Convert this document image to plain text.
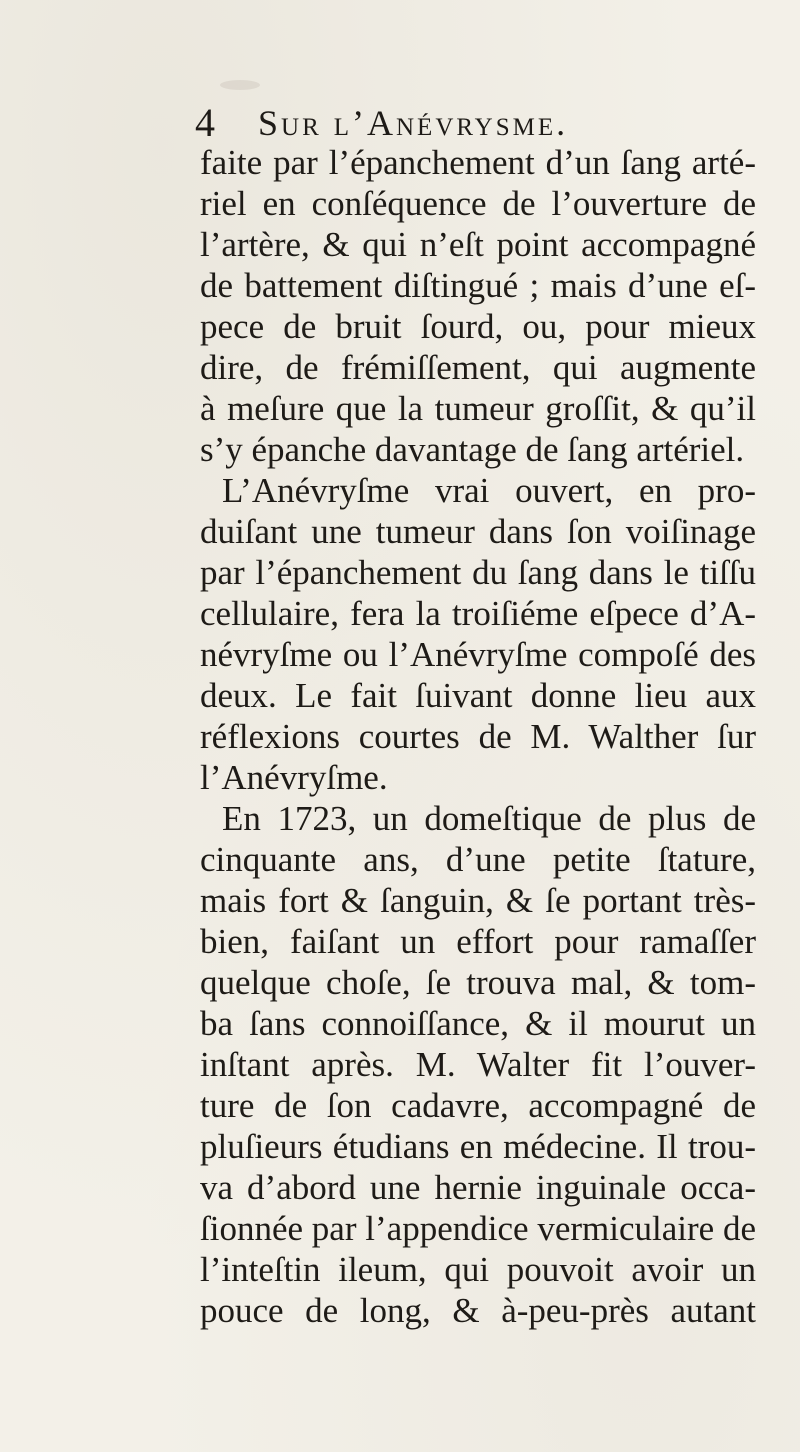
4 Sur l’Anévrysme.
faite par l’épanchement d’un ſang arté-
riel en conſéquence de l’ouverture de
l’artère, & qui n’eſt point accompagné
de battement diſtingué ; mais d’une eſ-
pece de bruit ſourd, ou, pour mieux
dire, de frémiſſement, qui augmente
à meſure que la tumeur groſſit, & qu’il
s’y épanche davantage de ſang artériel.
L’Anévryſme vrai ouvert, en pro-
duiſant une tumeur dans ſon voiſinage
par l’épanchement du ſang dans le tiſſu
cellulaire, fera la troiſiéme eſpece d’A-
névryſme ou l’Anévryſme compoſé des
deux. Le fait ſuivant donne lieu aux
réflexions courtes de M. Walther ſur
l’Anévryſme.
En 1723, un domeſtique de plus de
cinquante ans, d’une petite ſtature,
mais fort & ſanguin, & ſe portant très-
bien, faiſant un effort pour ramaſſer
quelque choſe, ſe trouva mal, & tom-
ba ſans connoiſſance, & il mourut un
inſtant après. M. Walter fit l’ouver-
ture de ſon cadavre, accompagné de
pluſieurs étudians en médecine. Il trou-
va d’abord une hernie inguinale occa-
ſionnée par l’appendice vermiculaire de
l’inteſtin ileum, qui pouvoit avoir un
pouce de long, & à-peu-près autant
